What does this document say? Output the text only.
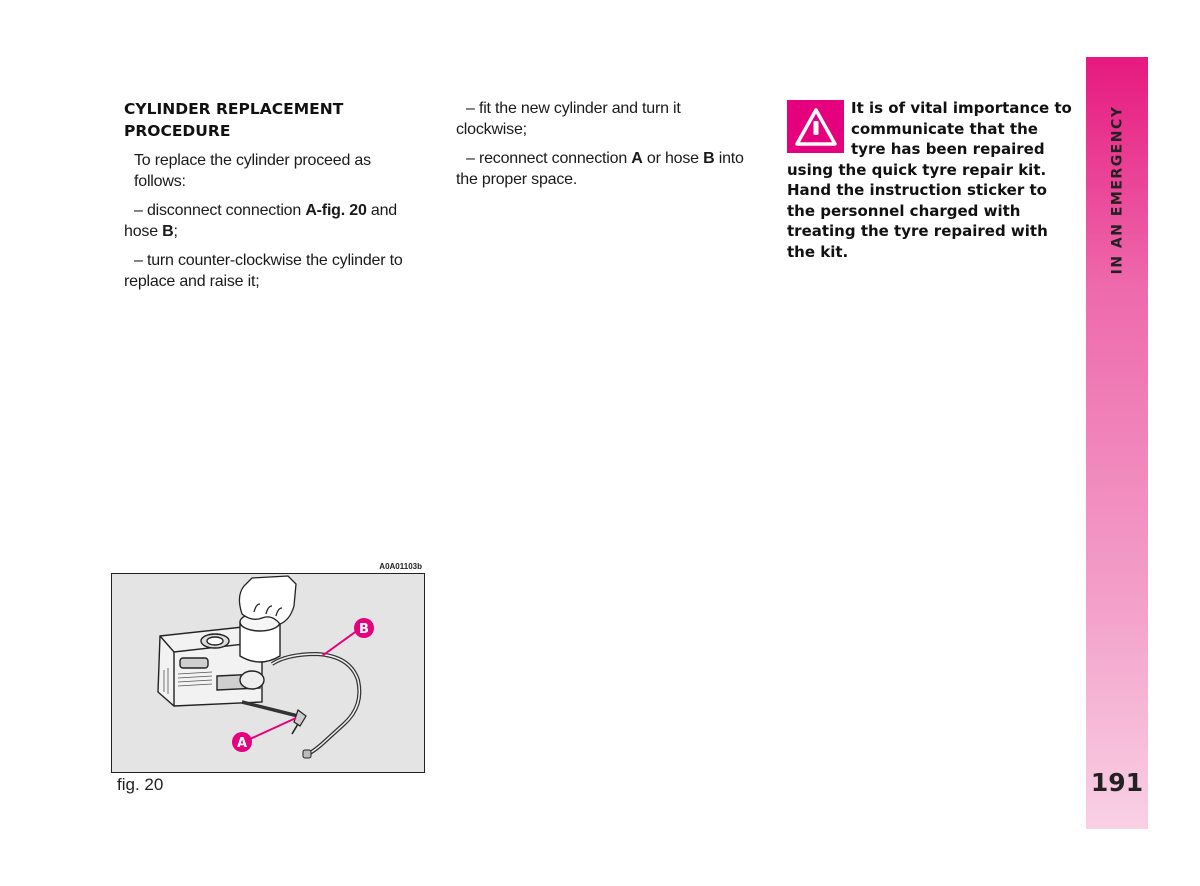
CYLINDER REPLACEMENT PROCEDURE

To replace the cylinder proceed as follows:

– disconnect connection A-fig. 20 and hose B;

– turn counter-clockwise the cylinder to replace and raise it;

– fit the new cylinder and turn it clockwise;

– reconnect connection A or hose B into the proper space.

It is of vital importance to communicate that the tyre has been repaired using the quick tyre repair kit. Hand the instruction sticker to the personnel charged with treating the tyre repaired with the kit.	IN AN EMERGENCY
191
A0A01103b
A
B
fig. 20
